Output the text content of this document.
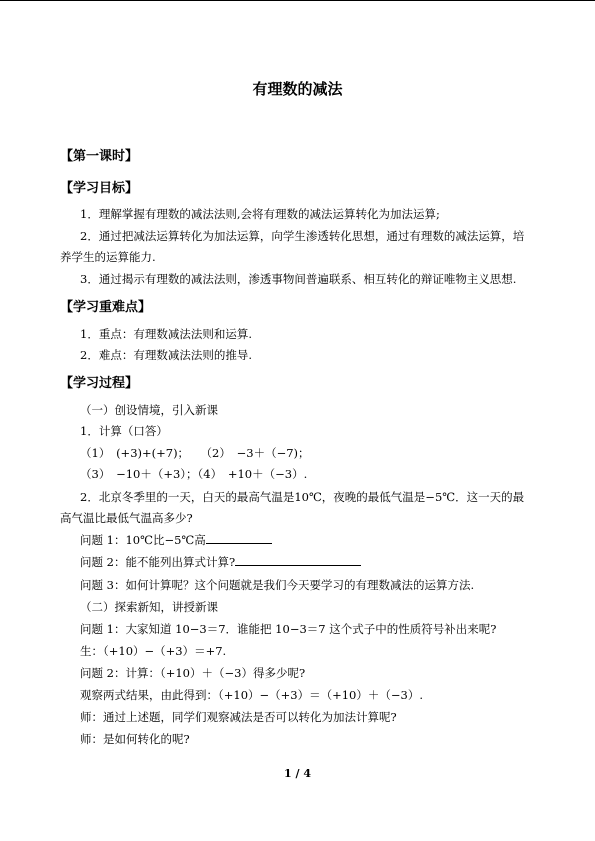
有理数的减法
【第一课时】
【学习目标】
1．理解掌握有理数的减法法则,会将有理数的减法运算转化为加法运算;
2．通过把减法运算转化为加法运算，向学生渗透转化思想，通过有理数的减法运算，培
养学生的运算能力.
3．通过揭示有理数的减法法则，渗透事物间普遍联系、相互转化的辩证唯物主义思想.
【学习重难点】
1．重点：有理数减法法则和运算.
2．难点：有理数减法法则的推导.
【学习过程】
（一）创设情境，引入新课
1．计算（口答）
（1）　(+3)+(+7)；　　（2）　−3＋（−7)；
（3）　−10＋（+3）；（4）　+10＋（−3）.
2．北京冬季里的一天，白天的最高气温是10℃，夜晚的最低气温是−5℃．这一天的最
高气温比最低气温高多少?
问题 1：10℃比−5℃高
问题 2：能不能列出算式计算?
问题 3：如何计算呢？这个问题就是我们今天要学习的有理数减法的运算方法.
（二）探索新知，讲授新课
问题 1：大家知道 10−3＝7．谁能把 10−3＝7 这个式子中的性质符号补出来呢?
生：（+10）−（+3）＝+7.
问题 2：计算：（+10）＋（−3）得多少呢?
观察两式结果，由此得到：（+10）−（+3）＝（+10）＋（−3）.
师：通过上述题，同学们观察减法是否可以转化为加法计算呢?
师：是如何转化的呢?
1 / 4
